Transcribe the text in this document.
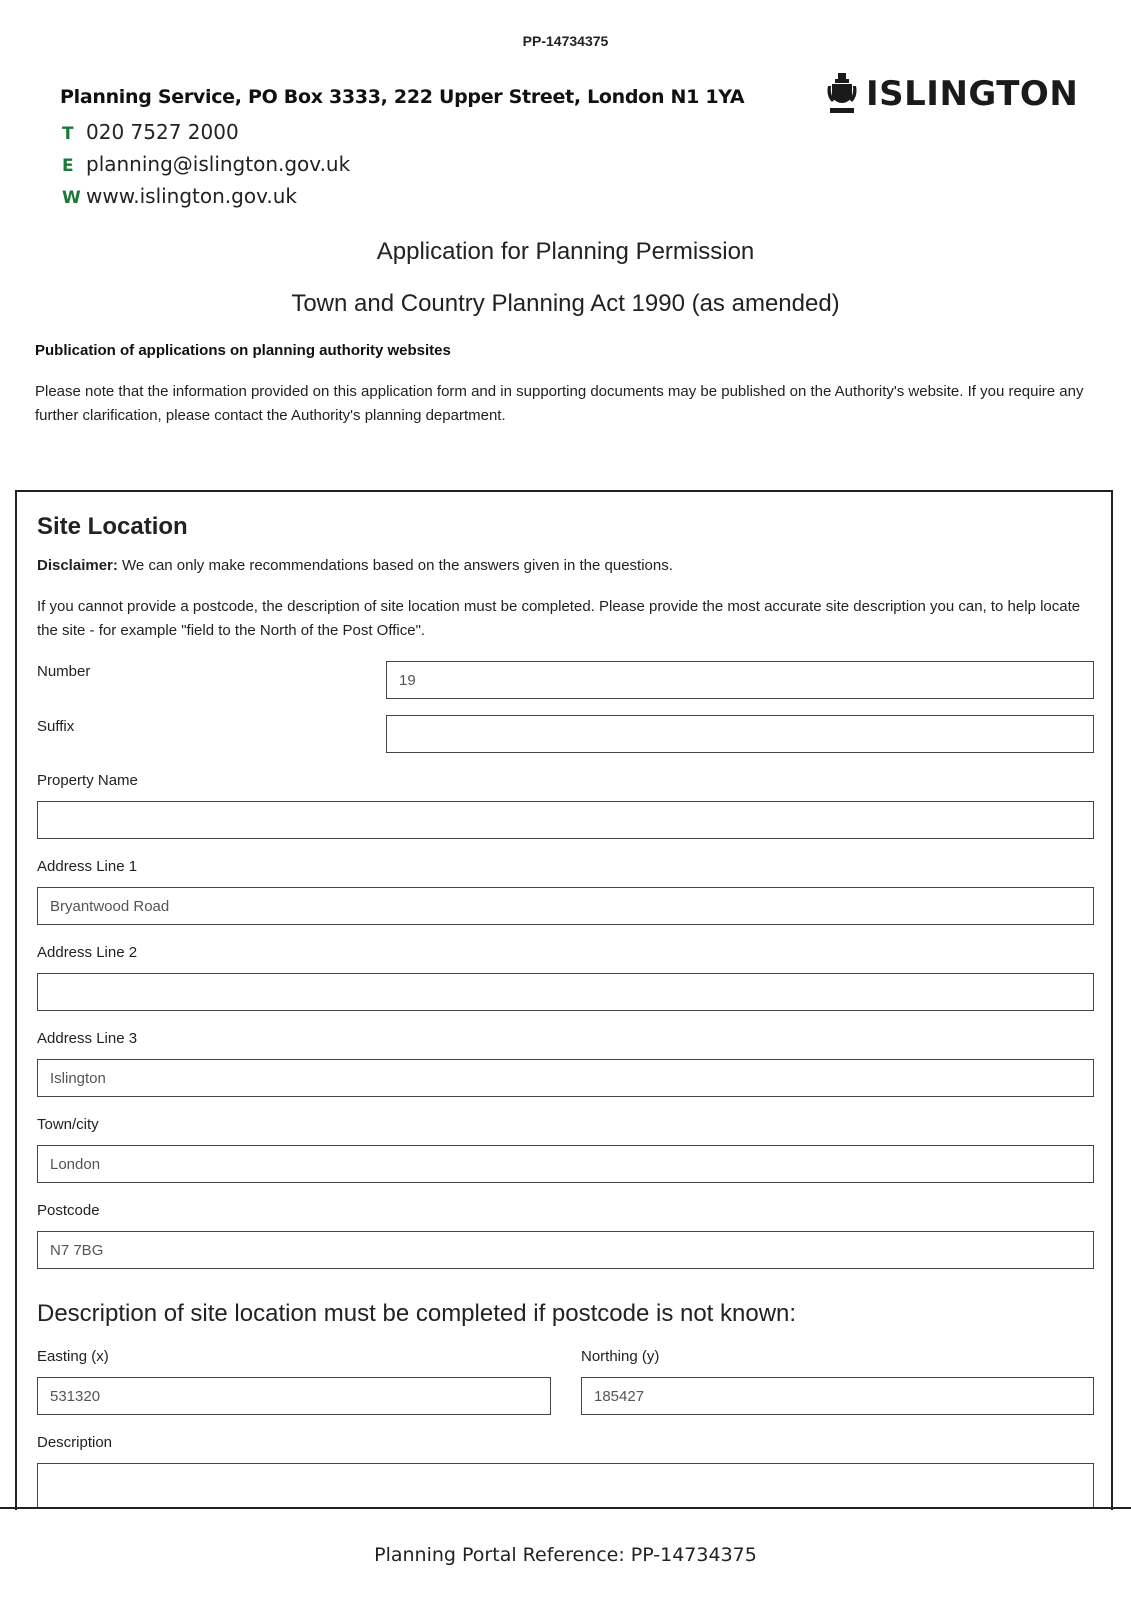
PP-14734375
Planning Service, PO Box 3333, 222 Upper Street, London N1 1YA
T 020 7527 2000
E planning@islington.gov.uk
W www.islington.gov.uk
ISLINGTON
Application for Planning Permission
Town and Country Planning Act 1990 (as amended)
Publication of applications on planning authority websites
Please note that the information provided on this application form and in supporting documents may be published on the Authority's website. If you require any further clarification, please contact the Authority's planning department.
Site Location
Disclaimer: We can only make recommendations based on the answers given in the questions.
If you cannot provide a postcode, the description of site location must be completed. Please provide the most accurate site description you can, to help locate the site - for example "field to the North of the Post Office".
Number	19
Suffix
Property Name
Address Line 1
Bryantwood Road
Address Line 2
Address Line 3
Islington
Town/city
London
Postcode
N7 7BG
Description of site location must be completed if postcode is not known:
Easting (x)
531320
Northing (y)
185427
Description
Planning Portal Reference: PP-14734375
